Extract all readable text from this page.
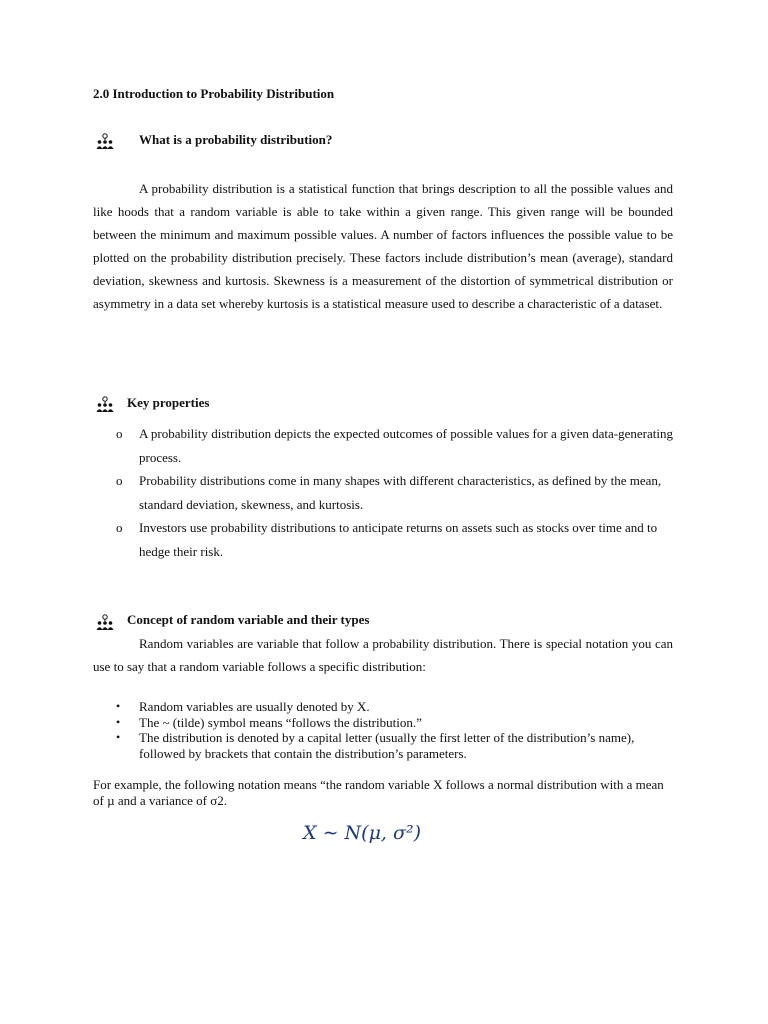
2.0 Introduction to Probability Distribution
What is a probability distribution?
A probability distribution is a statistical function that brings description to all the possible values and like hoods that a random variable is able to take within a given range. This given range will be bounded between the minimum and maximum possible values. A number of factors influences the possible value to be plotted on the probability distribution precisely. These factors include distribution’s mean (average), standard deviation, skewness and kurtosis. Skewness is a measurement of the distortion of symmetrical distribution or asymmetry in a data set whereby kurtosis is a statistical measure used to describe a characteristic of a dataset.
Key properties
o A probability distribution depicts the expected outcomes of possible values for a given data-generating process.
o Probability distributions come in many shapes with different characteristics, as defined by the mean, standard deviation, skewness, and kurtosis.
o Investors use probability distributions to anticipate returns on assets such as stocks over time and to hedge their risk.
Concept of random variable and their types
Random variables are variable that follow a probability distribution. There is special notation you can use to say that a random variable follows a specific distribution:
• Random variables are usually denoted by X.
• The ~ (tilde) symbol means “follows the distribution.”
• The distribution is denoted by a capital letter (usually the first letter of the distribution’s name), followed by brackets that contain the distribution’s parameters.
For example, the following notation means “the random variable X follows a normal distribution with a mean of µ and a variance of σ2.
X ∼ N(μ, σ²)
